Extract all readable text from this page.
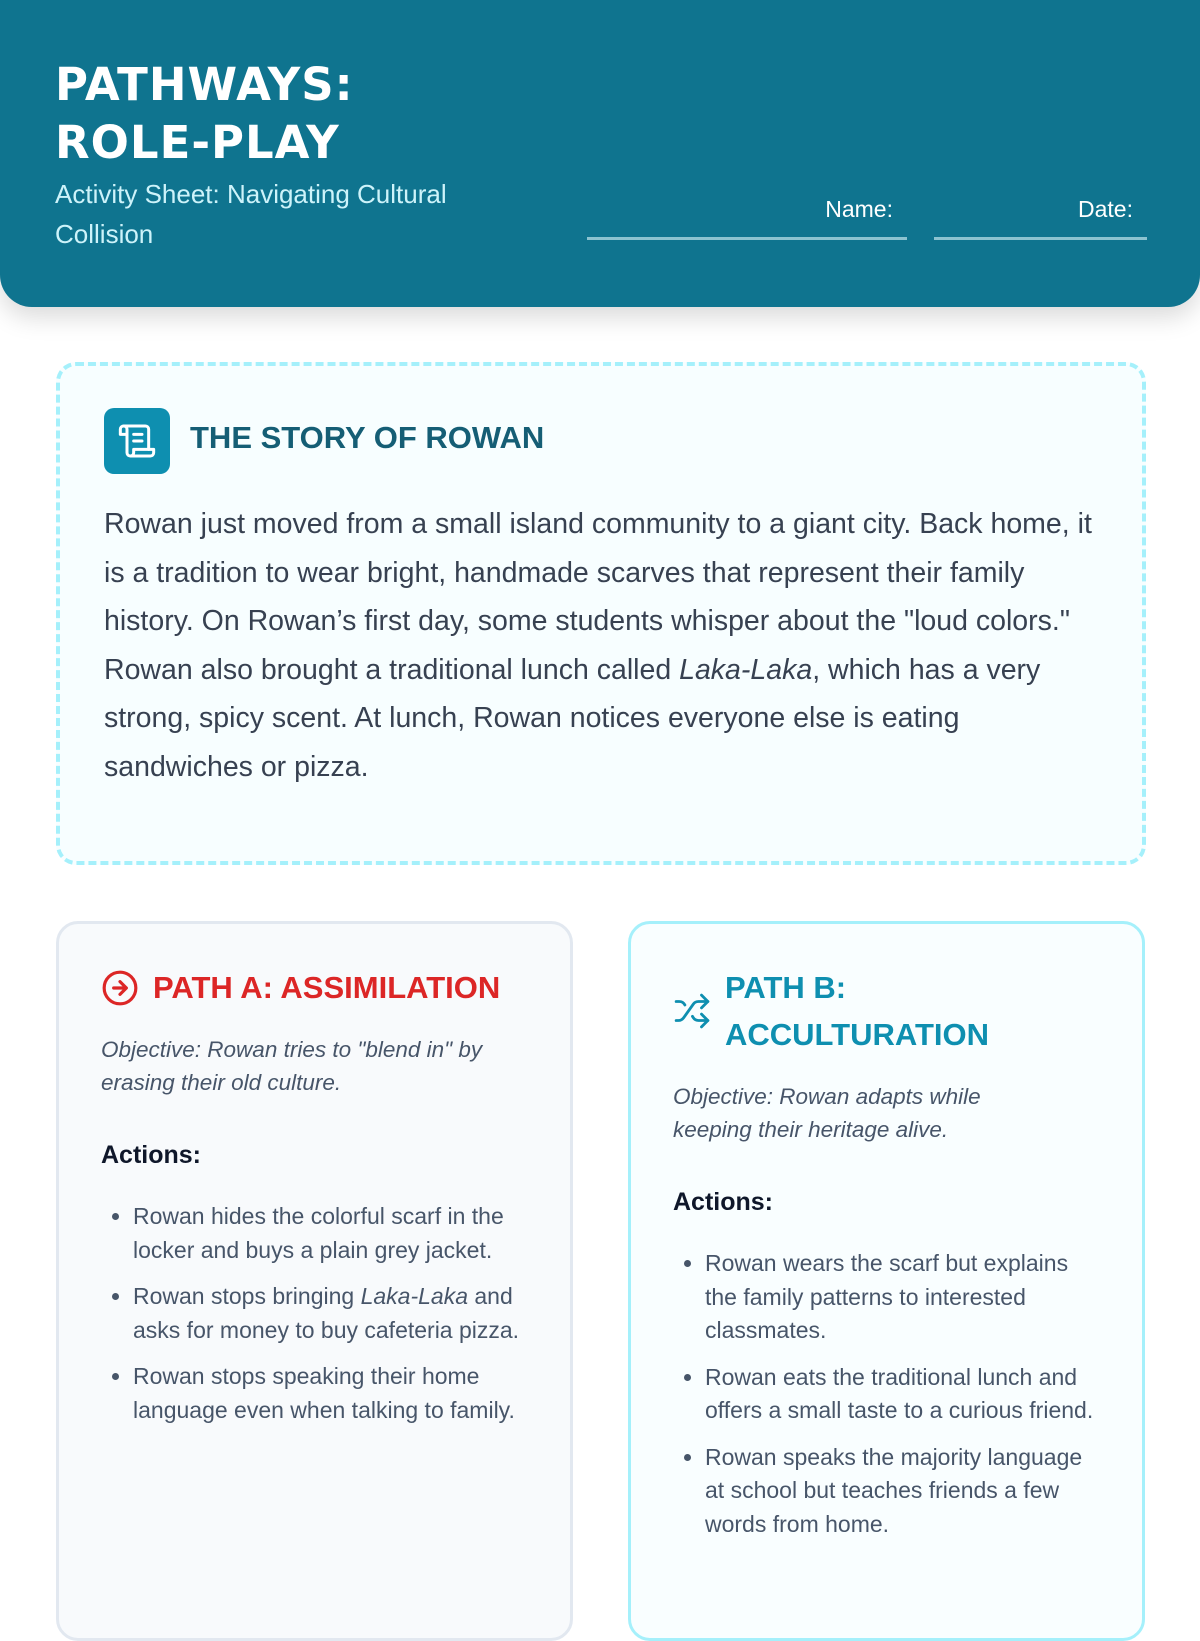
PATHWAYS:
ROLE-PLAY
Activity Sheet: Navigating Cultural Collision
Name:	Date:
THE STORY OF ROWAN
Rowan just moved from a small island community to a giant city. Back home, it is a tradition to wear bright, handmade scarves that represent their family history. On Rowan’s first day, some students whisper about the "loud colors." Rowan also brought a traditional lunch called Laka-Laka, which has a very strong, spicy scent. At lunch, Rowan notices everyone else is eating sandwiches or pizza.
PATH A: ASSIMILATION
Objective: Rowan tries to "blend in" by erasing their old culture.
Actions:
• Rowan hides the colorful scarf in the locker and buys a plain grey jacket.
• Rowan stops bringing Laka-Laka and asks for money to buy cafeteria pizza.
• Rowan stops speaking their home language even when talking to family.
PATH B: ACCULTURATION
Objective: Rowan adapts while keeping their heritage alive.
Actions:
• Rowan wears the scarf but explains the family patterns to interested classmates.
• Rowan eats the traditional lunch and offers a small taste to a curious friend.
• Rowan speaks the majority language at school but teaches friends a few words from home.
